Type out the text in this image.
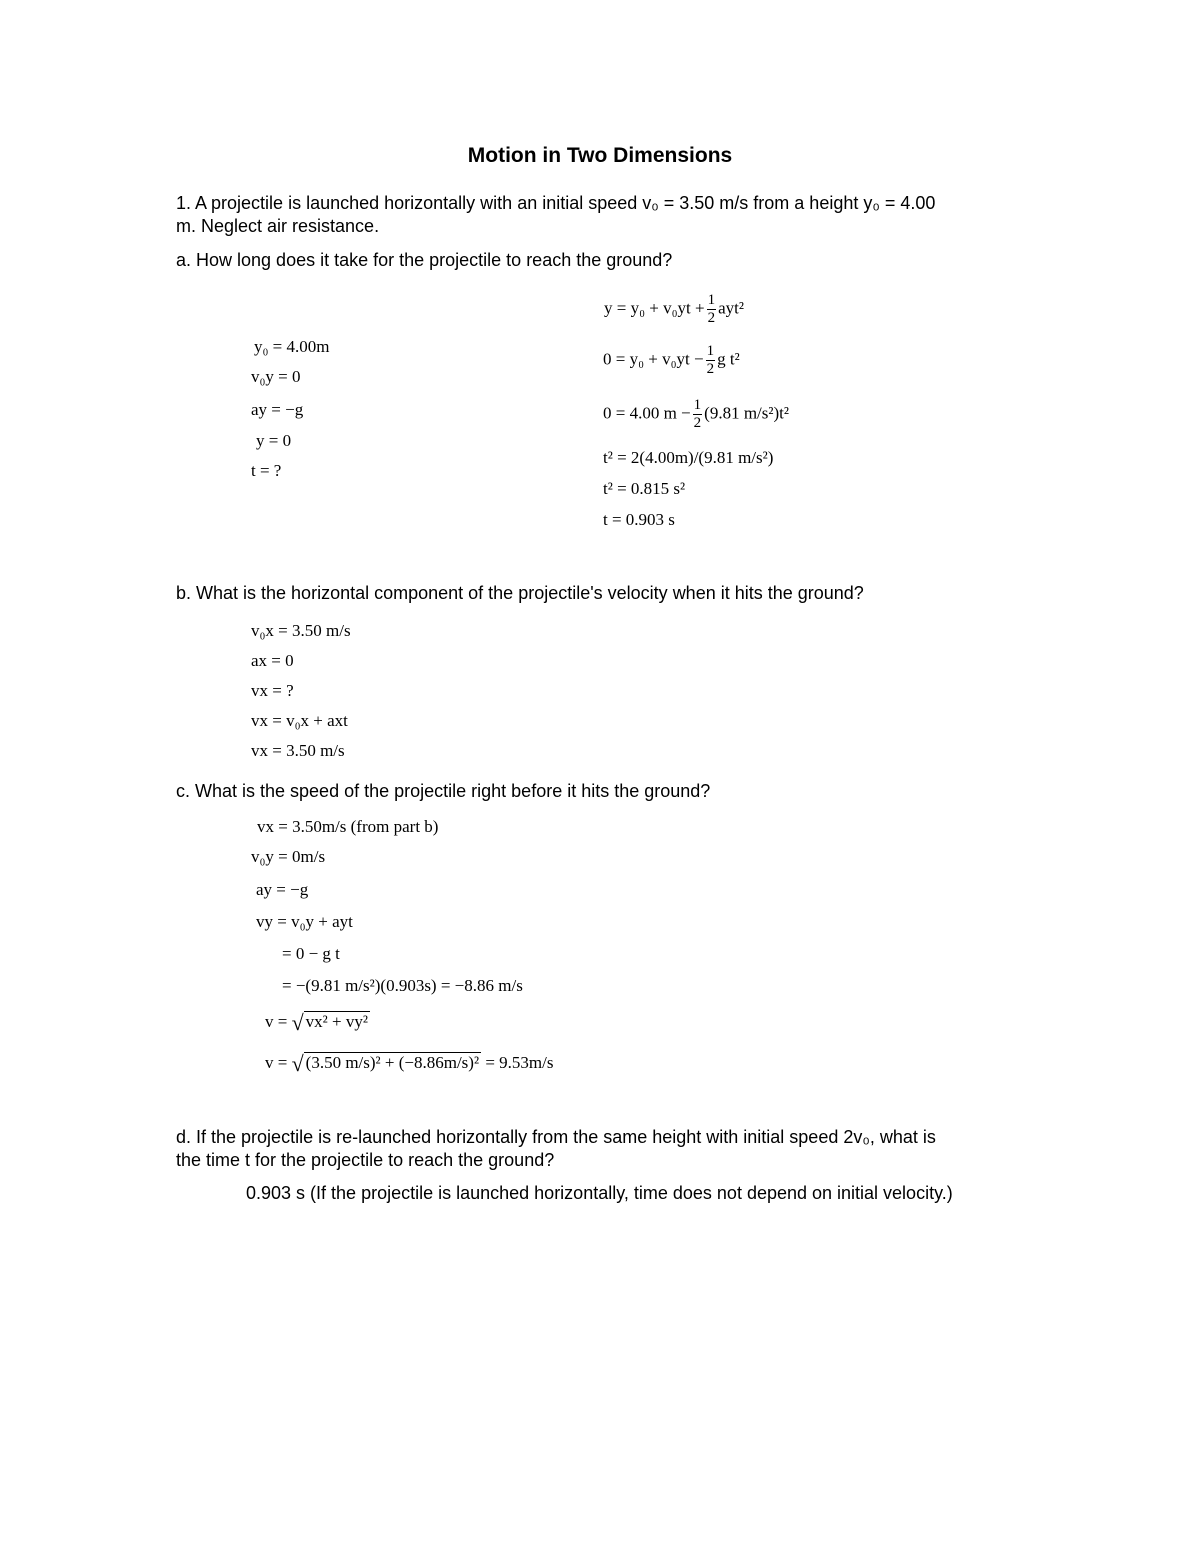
Motion in Two Dimensions
1. A projectile is launched horizontally with an initial speed v₀ = 3.50 m/s from a height y₀ = 4.00
m. Neglect air resistance.
a. How long does it take for the projectile to reach the ground?
y₀ = 4.00m
v₀y = 0
ay = −g
y = 0
t = ?
$y = y_0 + v_0yt + \frac{1}{2} ayt^2$
$0 = y_0 + v_0yt - \frac{1}{2}$ g t²
0 = 4.00 $m - \frac{1}{2} (9.81$ m/s²)t²
t² = 2(4.00m)/(9.81 m/s²)
t² = 0.815 s²
t = 0.903 s
b. What is the horizontal component of the projectile's velocity when it hits the ground?
v₀x = 3.50 m/s
ax = 0
vx = ?
vx = v₀x + axt
vx = 3.50 m/s
c. What is the speed of the projectile right before it hits the ground?
vx = 3.50m/s (from part b)
v₀y = 0m/s
ay = −g
vy = v₀y + ayt
= 0 − g t
= −(9.81 m/s²)(0.903s) = −8.86 m/s
v = √ vx² + vy²
v = √ (3.50 m/s)² + (−8.86m/s)² = 9.53m/s
d. If the projectile is re-launched horizontally from the same height with initial speed 2v₀, what is
the time t for the projectile to reach the ground?
0.903 s (If the projectile is launched horizontally, time does not depend on initial velocity.)
